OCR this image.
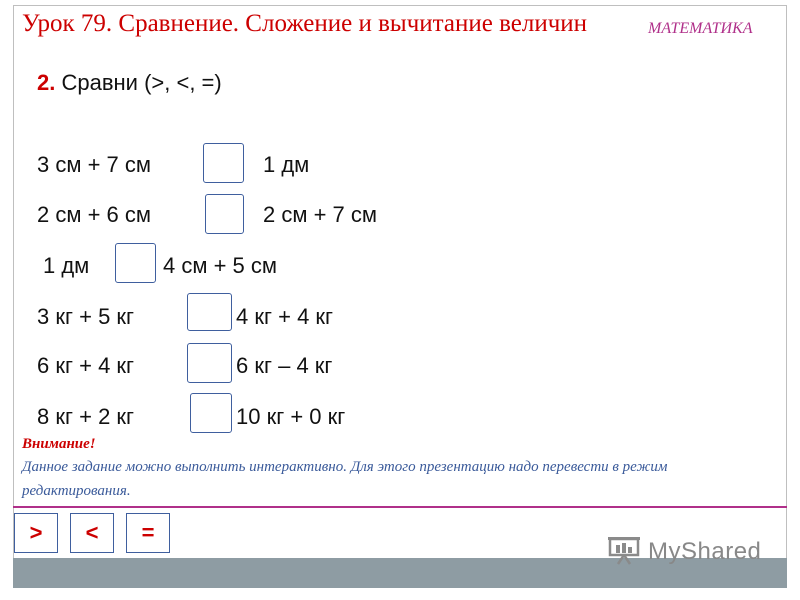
Урок 79. Сравнение. Сложение и вычитание величин	МАТЕМАТИКА
2. Сравни (>, <, =)
3 см + 7 см	1 дм
2 см + 6 см	2 см + 7 см
1 дм	4 см + 5 см
3 кг + 5 кг	4 кг + 4 кг
6 кг + 4 кг	6 кг – 4 кг
8 кг + 2 кг	10 кг + 0 кг
Внимание!
Данное задание можно выполнить интерактивно. Для этого презентацию надо перевести в режим редактирования.
>	<	=
MyShared
